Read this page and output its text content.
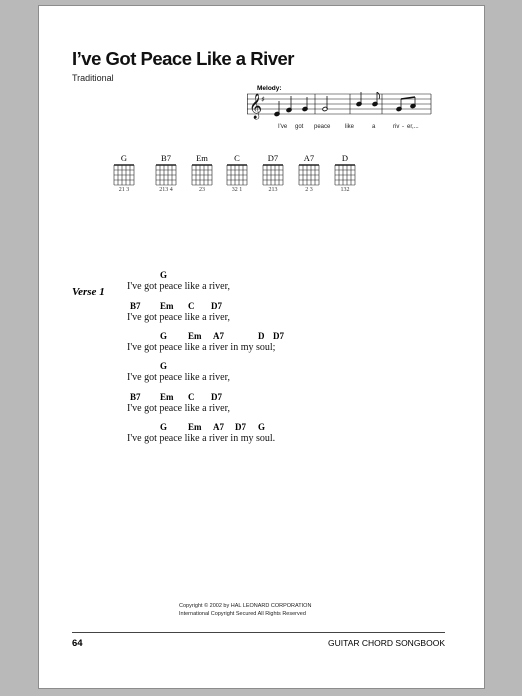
I’ve Got Peace Like a River
Traditional
Melody:
𝄞
♯
I've got peace like	a	riv - er,...
G
21 3
B7
213 4
Em
23
C
32 1
D7
213
A7
2 3
D
132
Verse 1
G
I've got peace like a river,
B7 Em C D7
I've got peace like a river,
G Em A7	D D7
I've got peace like a river in my soul;
G
I've got peace like a river,
B7 Em C D7
I've got peace like a river,
G Em A7 D7 G
I've got peace like a river in my soul.
Copyright © 2002 by HAL LEONARD CORPORATION
International Copyright Secured All Rights Reserved
64	GUITAR CHORD SONGBOOK
